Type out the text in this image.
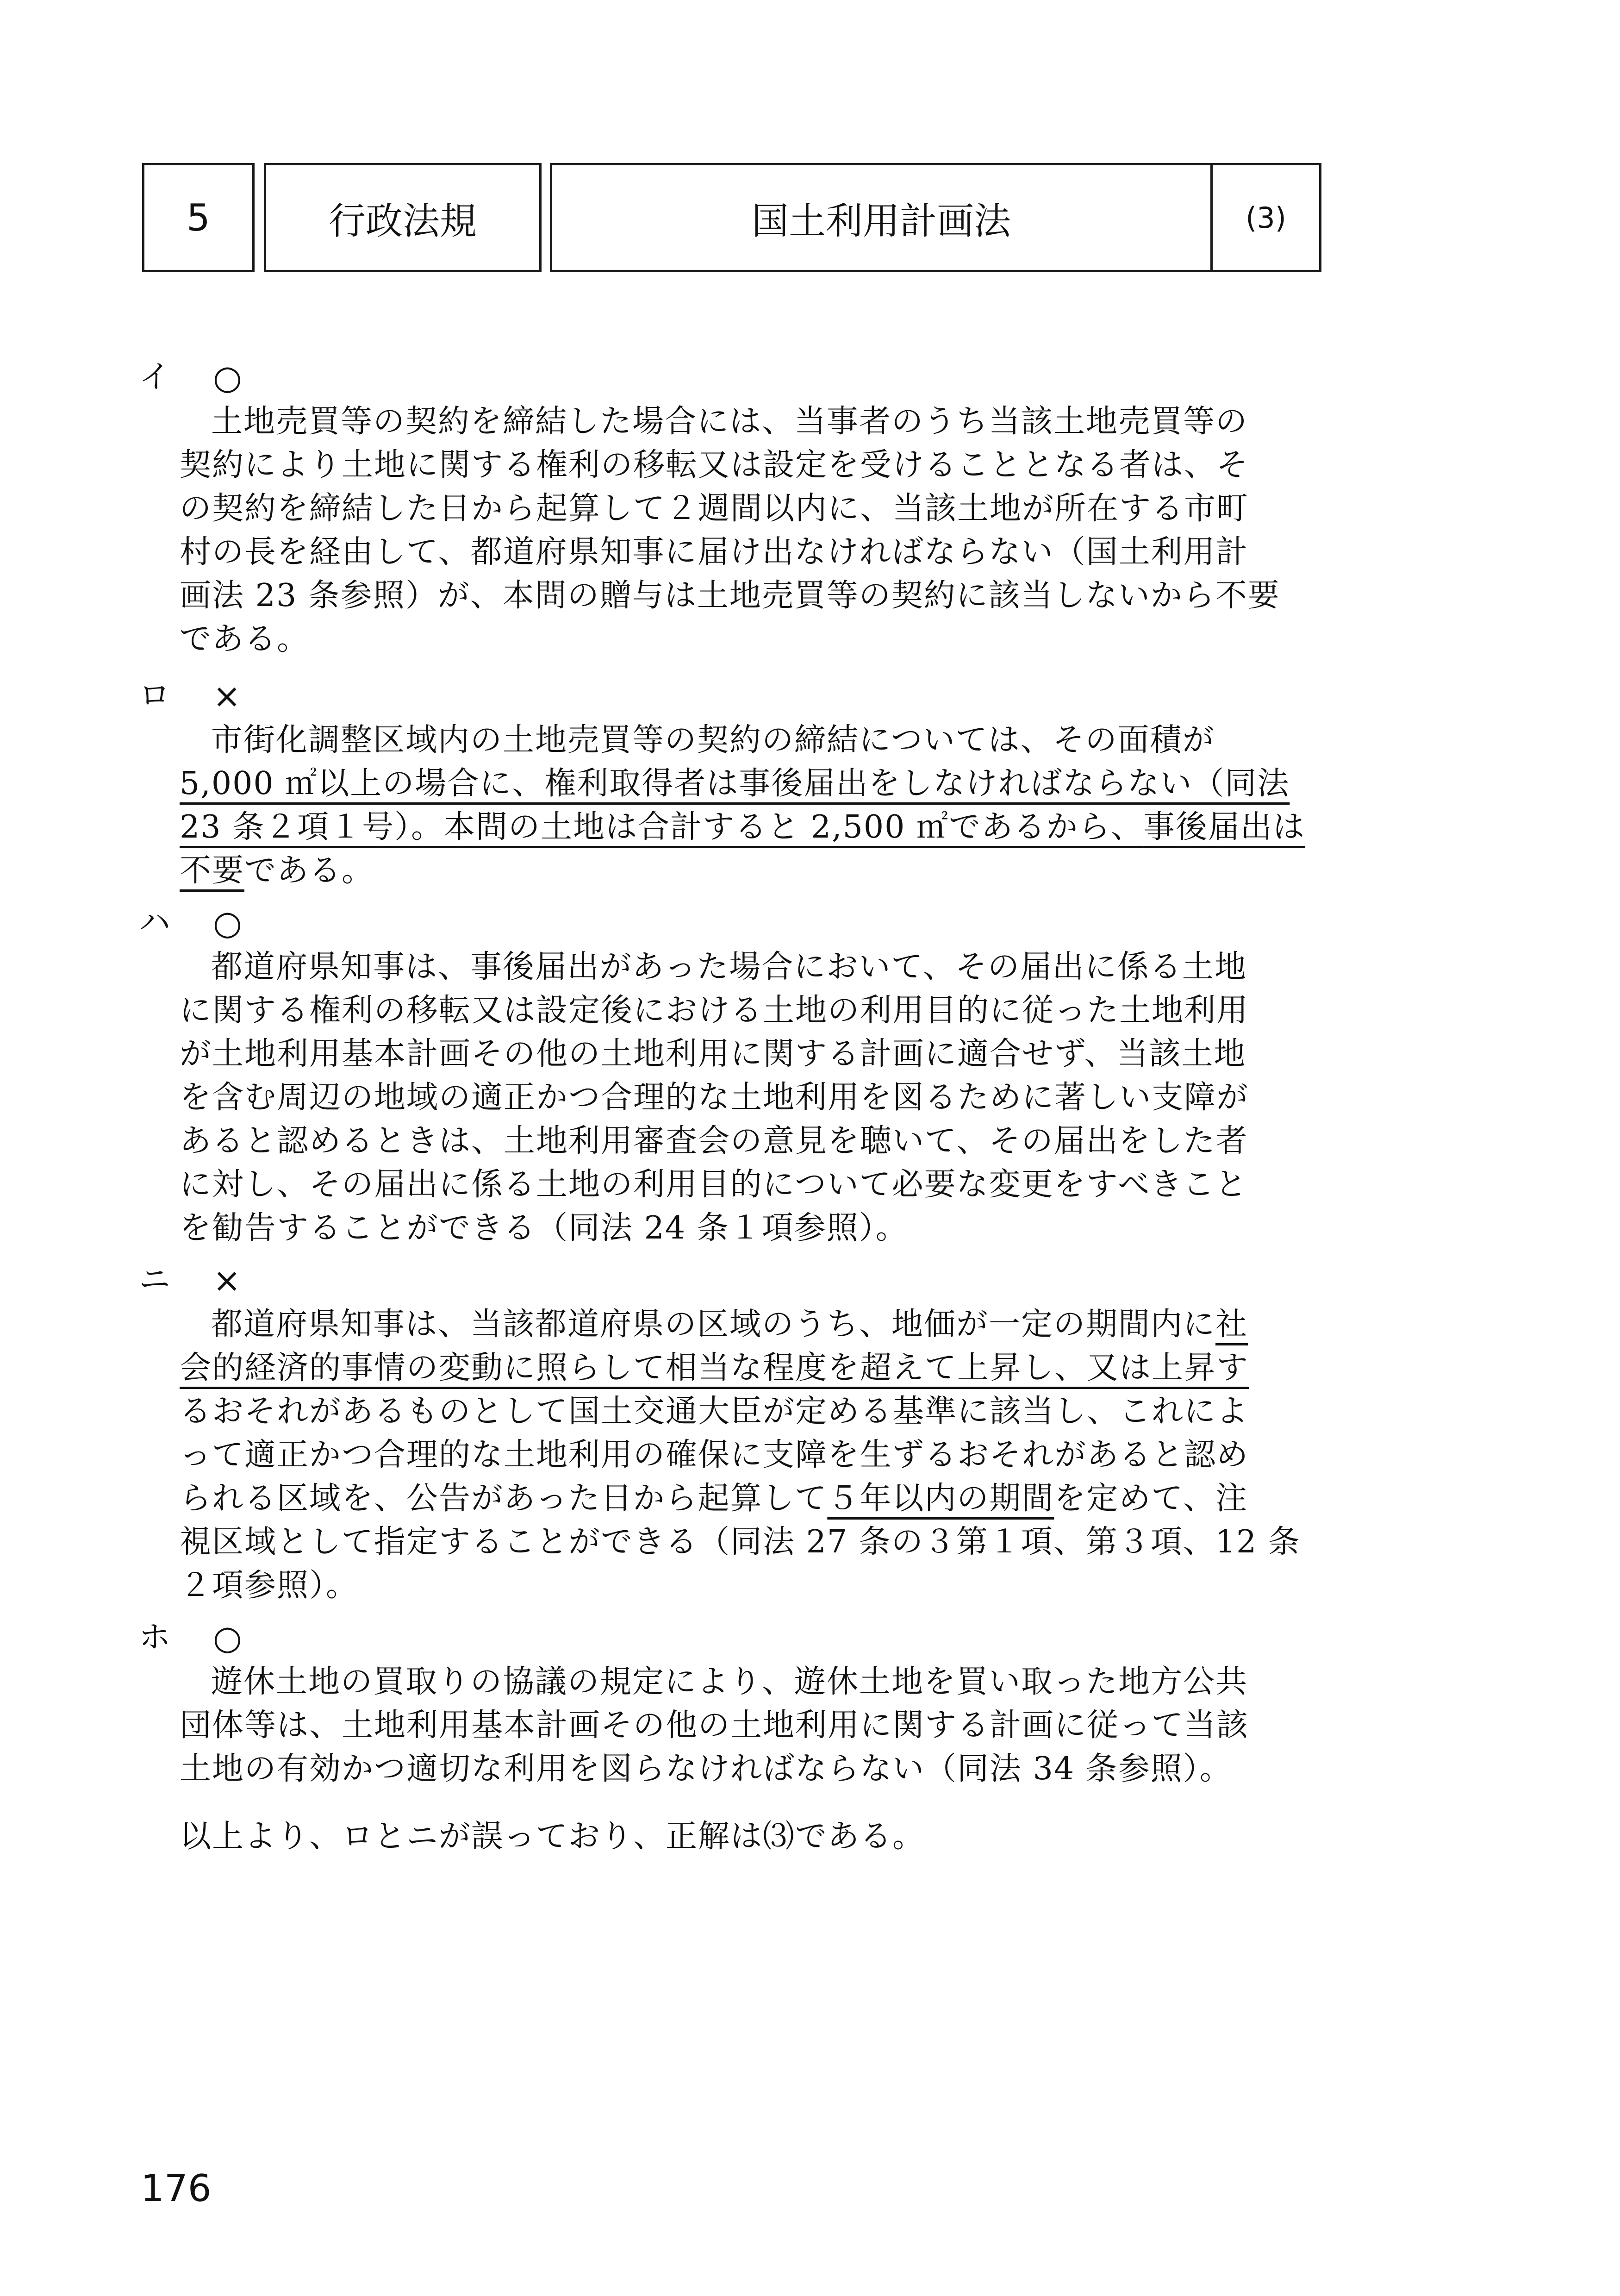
5	行政法規	国土利用計画法	(3)
イ	○
土地売買等の契約を締結した場合には、当事者のうち当該土地売買等の
契約により土地に関する権利の移転又は設定を受けることとなる者は、そ
の契約を締結した日から起算して２週間以内に、当該土地が所在する市町
村の長を経由して、都道府県知事に届け出なければならない（国土利用計
画法 23 条参照）が、本問の贈与は土地売買等の契約に該当しないから不要
である。
ロ	×
市街化調整区域内の土地売買等の契約の締結については、その面積が
5,000 ㎡以上の場合に、権利取得者は事後届出をしなければならない（同法
23 条２項１号）。本問の土地は合計すると 2,500 ㎡であるから、事後届出は
不要である。
ハ	○
都道府県知事は、事後届出があった場合において、その届出に係る土地
に関する権利の移転又は設定後における土地の利用目的に従った土地利用
が土地利用基本計画その他の土地利用に関する計画に適合せず、当該土地
を含む周辺の地域の適正かつ合理的な土地利用を図るために著しい支障が
あると認めるときは、土地利用審査会の意見を聴いて、その届出をした者
に対し、その届出に係る土地の利用目的について必要な変更をすべきこと
を勧告することができる（同法 24 条１項参照）。
ニ	×
都道府県知事は、当該都道府県の区域のうち、地価が一定の期間内に社
会的経済的事情の変動に照らして相当な程度を超えて上昇し、又は上昇す
るおそれがあるものとして国土交通大臣が定める基準に該当し、これによ
って適正かつ合理的な土地利用の確保に支障を生ずるおそれがあると認め
られる区域を、公告があった日から起算して５年以内の期間を定めて、注
視区域として指定することができる（同法 27 条の３第１項、第３項、12 条
２項参照）。
ホ	○
遊休土地の買取りの協議の規定により、遊休土地を買い取った地方公共
団体等は、土地利用基本計画その他の土地利用に関する計画に従って当該
土地の有効かつ適切な利用を図らなければならない（同法 34 条参照）。
以上より、ロとニが誤っており、正解は⑶である。
176
